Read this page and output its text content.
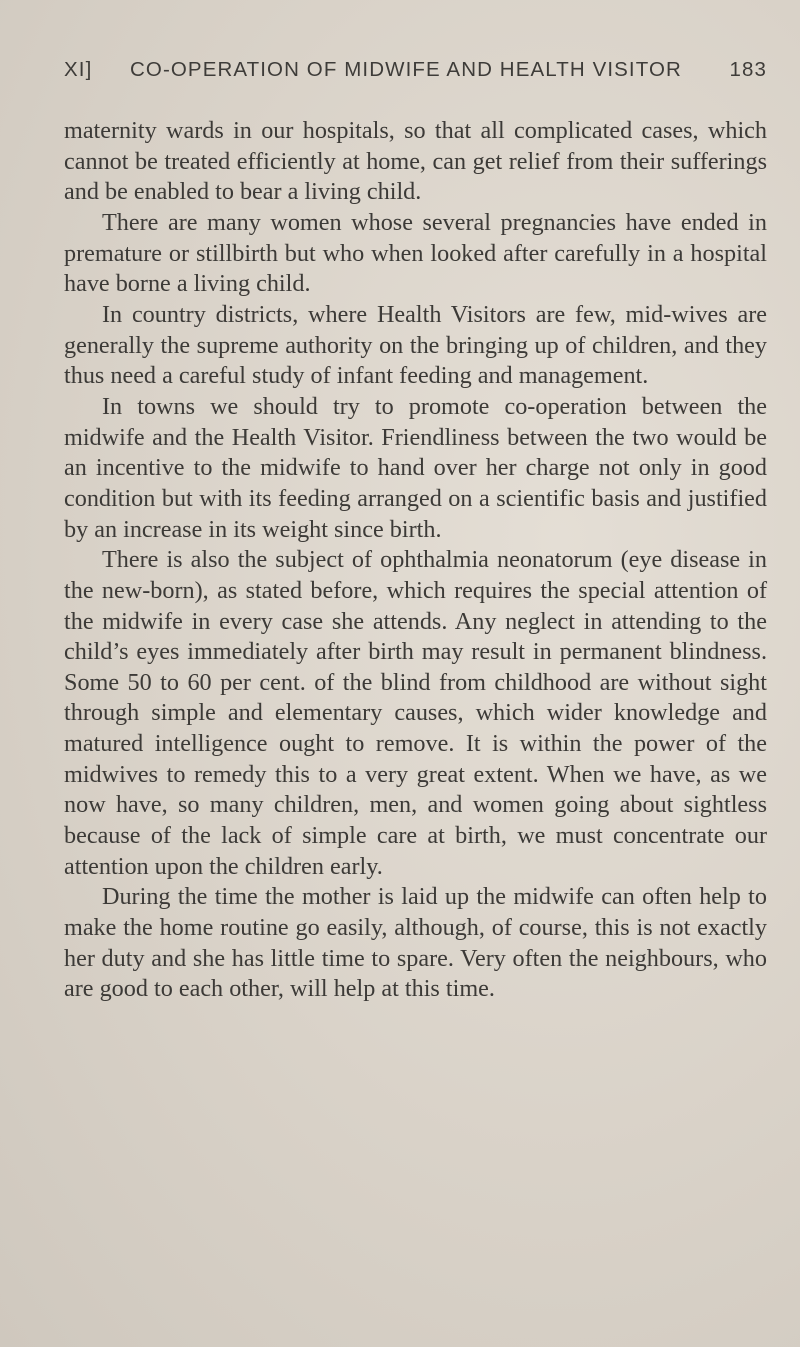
XI] CO-OPERATION OF MIDWIFE AND HEALTH VISITOR 183

maternity wards in our hospitals, so that all complicated cases, which cannot be treated efficiently at home, can get relief from their sufferings and be enabled to bear a living child.

There are many women whose several pregnancies have ended in premature or stillbirth but who when looked after carefully in a hospital have borne a living child.

In country districts, where Health Visitors are few, mid-wives are generally the supreme authority on the bringing up of children, and they thus need a careful study of infant feeding and management.

In towns we should try to promote co-operation between the midwife and the Health Visitor. Friendliness between the two would be an incentive to the midwife to hand over her charge not only in good condition but with its feeding arranged on a scientific basis and justified by an increase in its weight since birth.

There is also the subject of ophthalmia neonatorum (eye disease in the new-born), as stated before, which requires the special attention of the midwife in every case she attends. Any neglect in attending to the child’s eyes immediately after birth may result in permanent blindness. Some 50 to 60 per cent. of the blind from childhood are without sight through simple and elementary causes, which wider knowledge and matured intelligence ought to remove. It is within the power of the midwives to remedy this to a very great extent. When we have, as we now have, so many children, men, and women going about sightless because of the lack of simple care at birth, we must concentrate our attention upon the children early.

During the time the mother is laid up the midwife can often help to make the home routine go easily, although, of course, this is not exactly her duty and she has little time to spare. Very often the neighbours, who are good to each other, will help at this time.
